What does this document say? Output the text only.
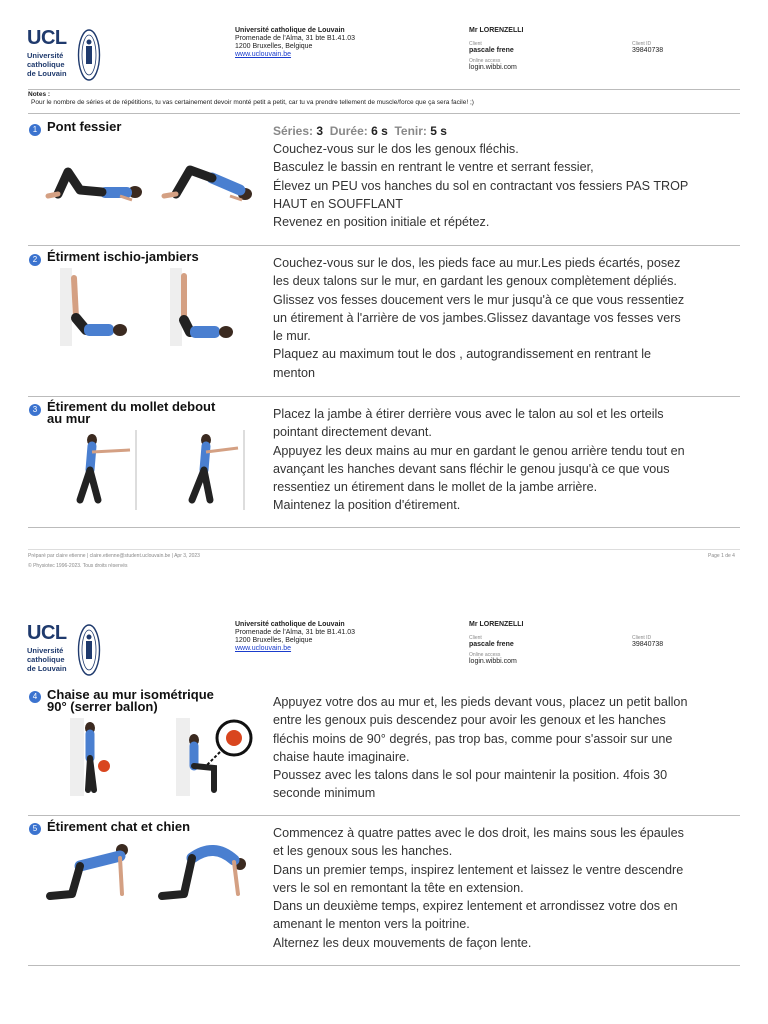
UCL
Université
catholique
de Louvain
Université catholique de Louvain
Promenade de l'Alma, 31 bte B1.41.03
1200 Bruxelles, Belgique
www.uclouvain.be
Mr LORENZELLI
Client
pascale frene
Online access
login.wibbi.com
Client ID
39840738
Notes :
Pour le nombre de séries et de répétitions, tu vas certainement devoir monté petit a petit, car tu va prendre tellement de muscle/force que ça sera facile! ;)
1 Pont fessier	Séries: 3 Durée: 6 s Tenir: 5 s
Couchez-vous sur le dos les genoux fléchis.
Basculez le bassin en rentrant le ventre et serrant fessier,
Élevez un PEU vos hanches du sol en contractant vos fessiers PAS TROP
HAUT en SOUFFLANT
Revenez en position initiale et répétez.
2 Étirment ischio-jambiers	Couchez-vous sur le dos, les pieds face au mur.Les pieds écartés, posez
les deux talons sur le mur, en gardant les genoux complètement dépliés.
Glissez vos fesses doucement vers le mur jusqu'à ce que vous ressentiez
un étirement à l'arrière de vos jambes.Glissez davantage vos fesses vers
le mur.
Plaquez au maximum tout le dos , autograndissement en rentrant le
menton
3 Étirement du mollet debout
au mur	Placez la jambe à étirer derrière vous avec le talon au sol et les orteils
pointant directement devant.
Appuyez les deux mains au mur en gardant le genou arrière tendu tout en
avançant les hanches devant sans fléchir le genou jusqu'à ce que vous
ressentiez un étirement dans le mollet de la jambe arrière.
Maintenez la position d'étirement.
Préparé par claire etienne | claire.etienne@student.uclouvain.be | Apr 3, 2023
© Physiotec 1996-2023. Tous droits réservés
Page 1 de 4
UCL
Université
catholique
de Louvain
Université catholique de Louvain
Promenade de l'Alma, 31 bte B1.41.03
1200 Bruxelles, Belgique
www.uclouvain.be
Mr LORENZELLI
Client
pascale frene
Online access
login.wibbi.com
Client ID
39840738
4 Chaise au mur isométrique
90° (serrer ballon)	Appuyez votre dos au mur et, les pieds devant vous, placez un petit ballon
entre les genoux puis descendez pour avoir les genoux et les hanches
fléchis moins de 90° degrés, pas trop bas, comme pour s'assoir sur une
chaise haute imaginaire.
Poussez avec les talons dans le sol pour maintenir la position. 4fois 30
seconde minimum
5 Étirement chat et chien	Commencez à quatre pattes avec le dos droit, les mains sous les épaules
et les genoux sous les hanches.
Dans un premier temps, inspirez lentement et laissez le ventre descendre
vers le sol en remontant la tête en extension.
Dans un deuxième temps, expirez lentement et arrondissez votre dos en
amenant le menton vers la poitrine.
Alternez les deux mouvements de façon lente.
